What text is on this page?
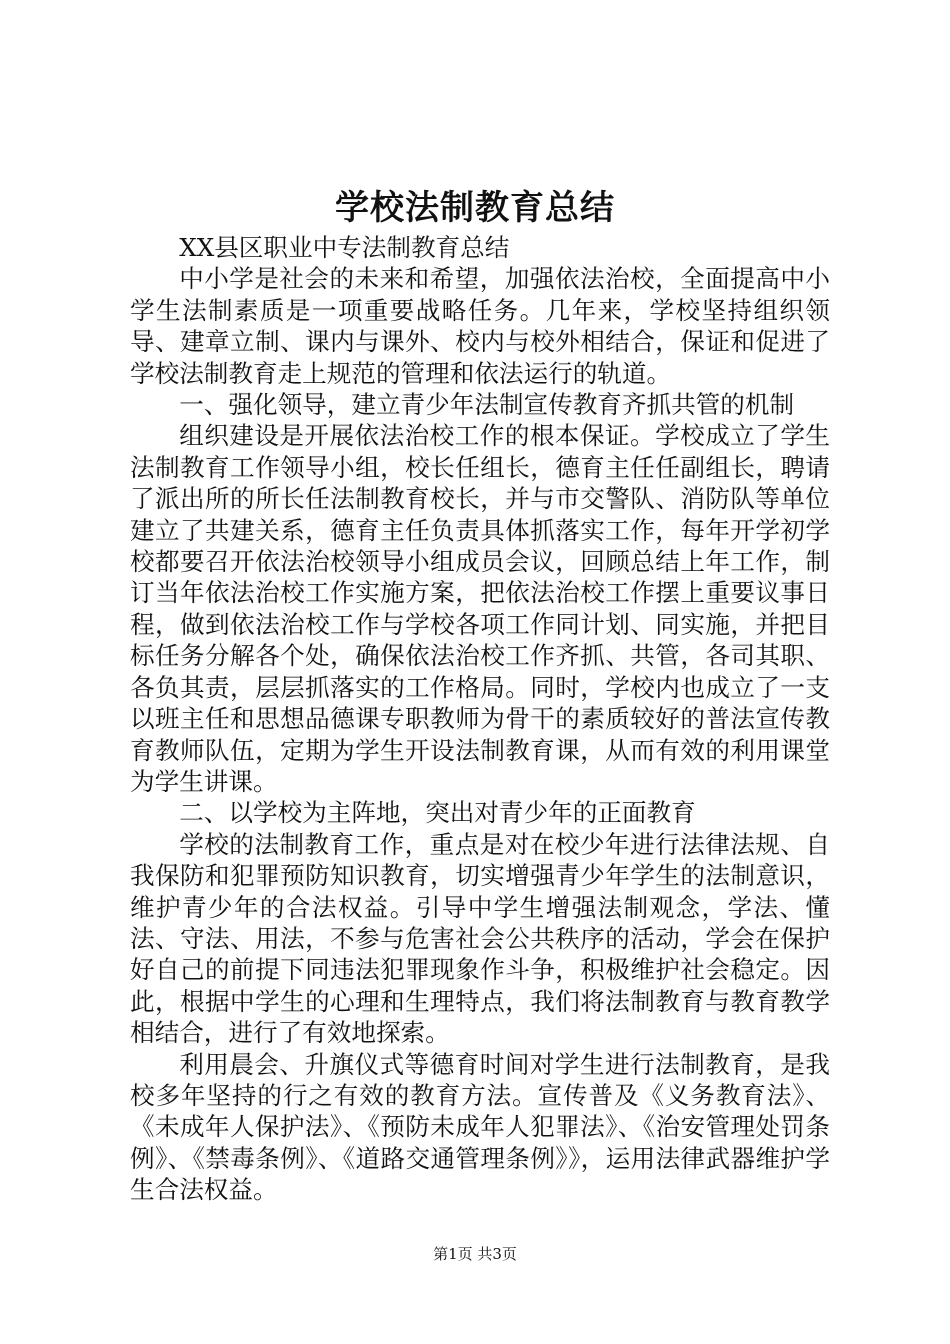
学校法制教育总结

XX县区职业中专法制教育总结

中小学是社会的未来和希望，加强依法治校，全面提高中小学生法制素质是一项重要战略任务。几年来，学校坚持组织领导、建章立制、课内与课外、校内与校外相结合，保证和促进了学校法制教育走上规范的管理和依法运行的轨道。

一、强化领导，建立青少年法制宣传教育齐抓共管的机制

组织建设是开展依法治校工作的根本保证。学校成立了学生法制教育工作领导小组，校长任组长，德育主任任副组长，聘请了派出所的所长任法制教育校长，并与市交警队、消防队等单位建立了共建关系，德育主任负责具体抓落实工作，每年开学初学校都要召开依法治校领导小组成员会议，回顾总结上年工作，制订当年依法治校工作实施方案，把依法治校工作摆上重要议事日程，做到依法治校工作与学校各项工作同计划、同实施，并把目标任务分解各个处，确保依法治校工作齐抓、共管，各司其职、各负其责，层层抓落实的工作格局。同时，学校内也成立了一支以班主任和思想品德课专职教师为骨干的素质较好的普法宣传教育教师队伍，定期为学生开设法制教育课，从而有效的利用课堂为学生讲课。

二、以学校为主阵地，突出对青少年的正面教育

学校的法制教育工作，重点是对在校少年进行法律法规、自我保防和犯罪预防知识教育，切实增强青少年学生的法制意识，维护青少年的合法权益。引导中学生增强法制观念，学法、懂法、守法、用法，不参与危害社会公共秩序的活动，学会在保护好自己的前提下同违法犯罪现象作斗争，积极维护社会稳定。因此，根据中学生的心理和生理特点，我们将法制教育与教育教学相结合，进行了有效地探索。

利用晨会、升旗仪式等德育时间对学生进行法制教育，是我校多年坚持的行之有效的教育方法。宣传普及《义务教育法》、《未成年人保护法》、《预防未成年人犯罪法》、《治安管理处罚条例》、《禁毒条例》、《道路交通管理条例》》，运用法律武器维护学生合法权益。

第1页 共3页
